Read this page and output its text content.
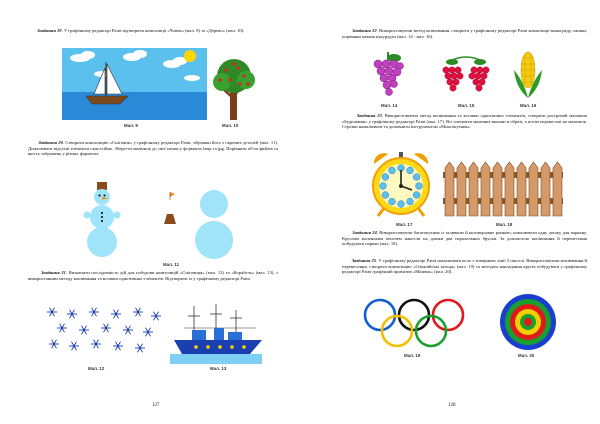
Завдання 19. У графічному редакторі Paint відтворити композиції «Човен» (мал. 9) та «Дерево» (мал. 10).
Мал. 9	Мал. 10
Завдання 20. Створити композицію «Сніговик» у графічному редакторі Paint, зібравши його з окремих деталей (мал. 11). Домалювати відсутні елементи самостійно. Зберегти малюнок до свої папки у форматах bmp та jpg. Порівняти об'єм файлів та якість зображень у різних форматах.
Мал. 11
Завдання 21. Визначити послідовність дій для побудови композицій «Сніговиця» (мал. 12) та «Корабель» (мал. 13), з використанням методу копіювання та вставки однотипних елементів. Відтворити їх у графічному редакторі Paint.
Мал. 12	Мал. 13
127
Завдання 22. Використовуючи метод копіювання, створити у графічному редакторі Paint композиції винограду, ожини, порівняні качана кукурудзи (мал. 14 - мал. 16).
Мал. 14	Мал. 15	Мал. 16
Завдання 23. Використовуючи метод копіювання та вставки однотипних елементів, створити растровий малюнок «Будильник» у графічному редакторі Paint (мал. 17). Всі елементи малюнка вказані в образі, а потім перенесені на малюнок. Стрілки намалювати та доповнити інструментом «Многокутник».
Мал. 17	Мал. 18
Завдання 24. Використовуючи багатокутник із заливкою й коловорожне рамкою, намалювати одну дошку для паркану. Круглим маленьким пензлем нанесли на дошки два паралельних бруски. За допомогою копіювання й перенесення побудувати паркан (мал. 18).
Завдання 25. У графічному редакторі Paint намалювати коло з товщиною лінії 3 пікселі. Використовуючи копіювання й перенесення, створити композицію «Олімпійські кільця» (мал. 19) та методом накладання кругів побудувати у графічному редакторі Paint графічний примітив «Мішень» (мал. 20).
Мал. 19	Мал. 20
128
